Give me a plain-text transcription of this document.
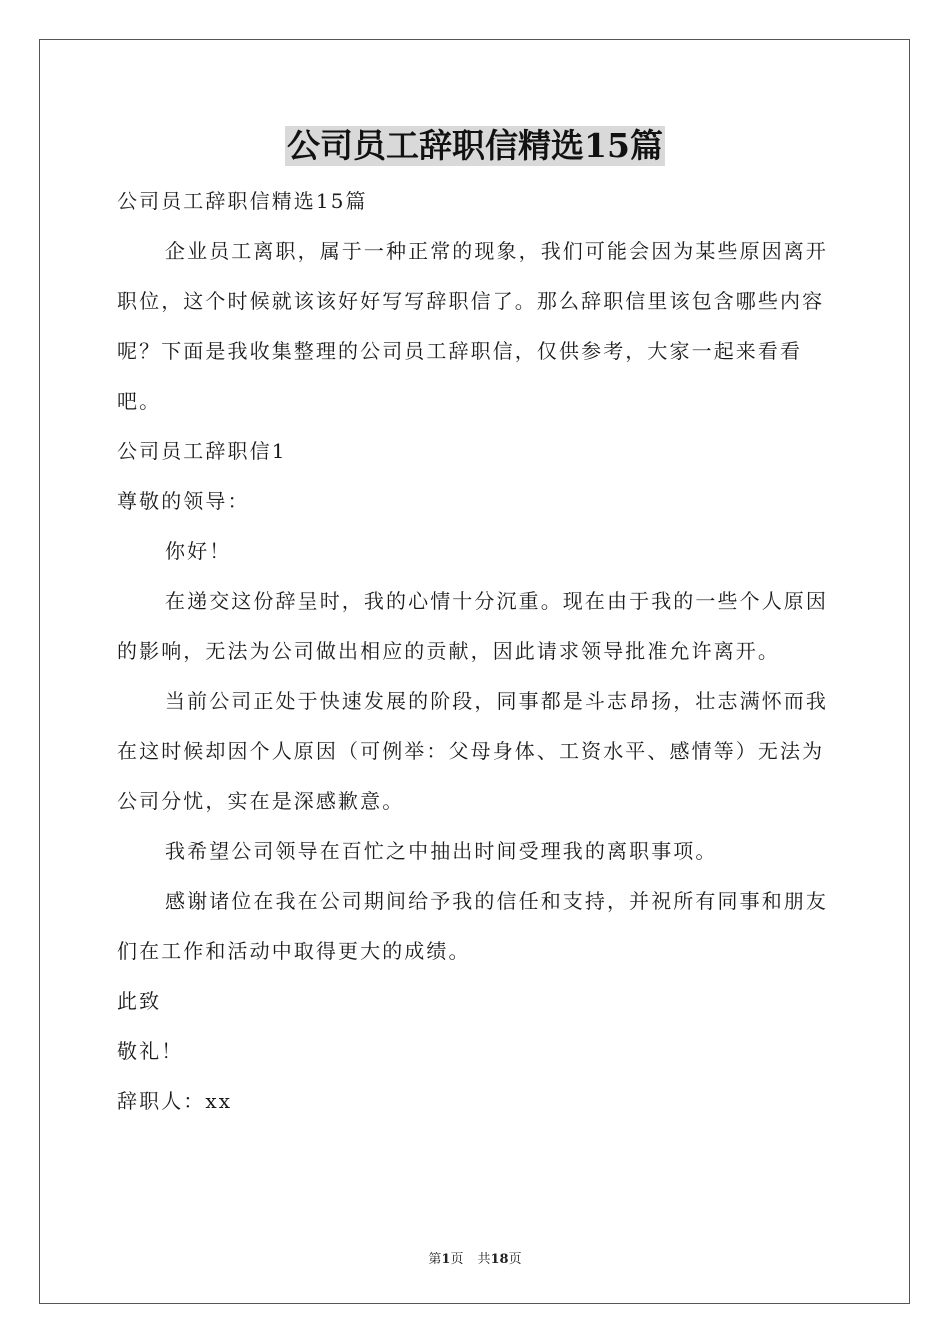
公司员工辞职信精选15篇

公司员工辞职信精选15篇

企业员工离职，属于一种正常的现象，我们可能会因为某些原因离开职位，这个时候就该该好好写写辞职信了。那么辞职信里该包含哪些内容呢？下面是我收集整理的公司员工辞职信，仅供参考，大家一起来看看吧。

公司员工辞职信1

尊敬的领导：

你好！

在递交这份辞呈时，我的心情十分沉重。现在由于我的一些个人原因的影响，无法为公司做出相应的贡献，因此请求领导批准允许离开。

当前公司正处于快速发展的阶段，同事都是斗志昂扬，壮志满怀而我在这时候却因个人原因（可例举：父母身体、工资水平、感情等）无法为公司分忧，实在是深感歉意。

我希望公司领导在百忙之中抽出时间受理我的离职事项。

感谢诸位在我在公司期间给予我的信任和支持，并祝所有同事和朋友们在工作和活动中取得更大的成绩。

此致

敬礼！

辞职人：xx

第1页 共18页
